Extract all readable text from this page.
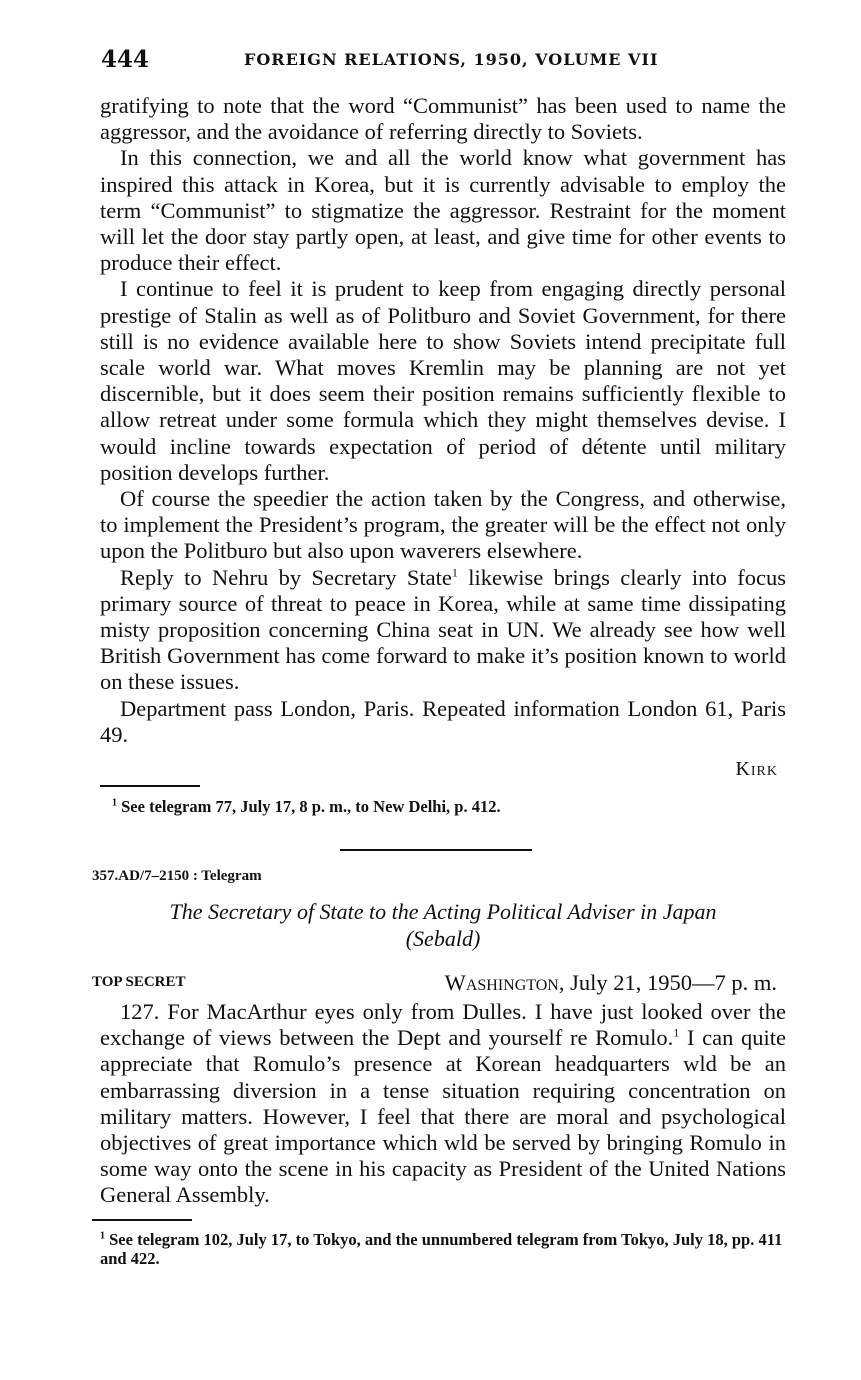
444	FOREIGN RELATIONS, 1950, VOLUME VII

gratifying to note that the word “Communist” has been used to name the aggressor, and the avoidance of referring directly to Soviets.

In this connection, we and all the world know what government has inspired this attack in Korea, but it is currently advisable to employ the term “Communist” to stigmatize the aggressor. Restraint for the moment will let the door stay partly open, at least, and give time for other events to produce their effect.

I continue to feel it is prudent to keep from engaging directly personal prestige of Stalin as well as of Politburo and Soviet Government, for there still is no evidence available here to show Soviets intend precipitate full scale world war. What moves Kremlin may be planning are not yet discernible, but it does seem their position remains sufficiently flexible to allow retreat under some formula which they might themselves devise. I would incline towards expectation of period of détente until military position develops further.

Of course the speedier the action taken by the Congress, and otherwise, to implement the President’s program, the greater will be the effect not only upon the Politburo but also upon waverers elsewhere.

Reply to Nehru by Secretary State$^1$ likewise brings clearly into focus primary source of threat to peace in Korea, while at same time dissipating misty proposition concerning China seat in UN. We already see how well British Government has come forward to make it’s position known to world on these issues.

Department pass London, Paris. Repeated information London 61, Paris 49.

Kirk

$^1$ See telegram 77, July 17, 8 p. m., to New Delhi, p. 412.

357.AD/7–2150 : Telegram
The Secretary of State to the Acting Political Adviser in Japan
(Sebald)
TOP SECRET	Washington, July 21, 1950—7 p. m.

127. For MacArthur eyes only from Dulles. I have just looked over the exchange of views between the Dept and yourself re Romulo.$^1$ I can quite appreciate that Romulo’s presence at Korean headquarters wld be an embarrassing diversion in a tense situation requiring concentration on military matters. However, I feel that there are moral and psychological objectives of great importance which wld be served by bringing Romulo in some way onto the scene in his capacity as President of the United Nations General Assembly.

$^1$ See telegram 102, July 17, to Tokyo, and the unnumbered telegram from Tokyo, July 18, pp. 411 and 422.
